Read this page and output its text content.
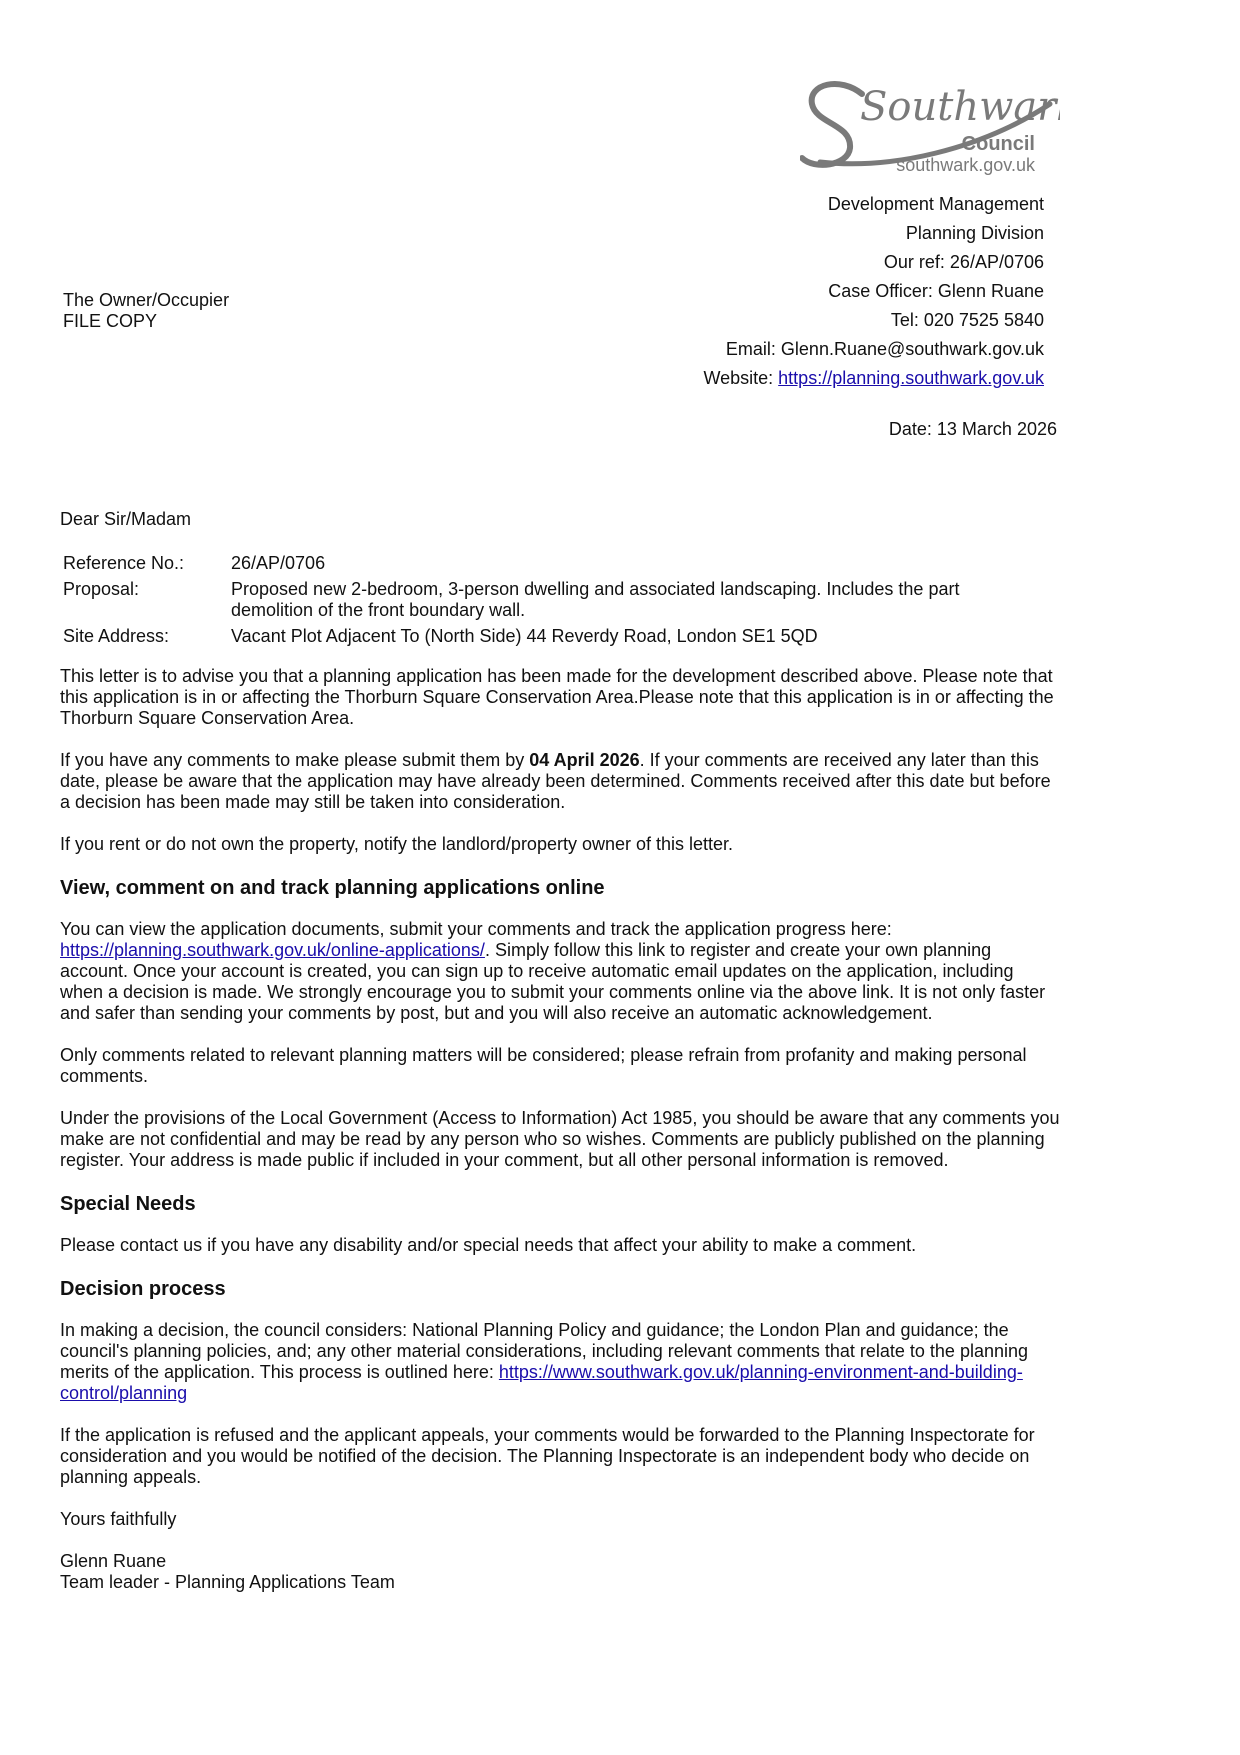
Southwark
Council
southwark.gov.uk
Development Management
Planning Division
Our ref: 26/AP/0706
Case Officer: Glenn Ruane
Tel: 020 7525 5840
Email: Glenn.Ruane@southwark.gov.uk
Website: https://planning.southwark.gov.uk
Date: 13 March 2026
The Owner/Occupier
FILE COPY

Dear Sir/Madam

Reference No.:	26/AP/0706
Proposal:	Proposed new 2-bedroom, 3-person dwelling and associated landscaping. Includes the part demolition of the front boundary wall.
Site Address:	Vacant Plot Adjacent To (North Side) 44 Reverdy Road, London SE1 5QD

This letter is to advise you that a planning application has been made for the development described above. Please note that this application is in or affecting the Thorburn Square Conservation Area.Please note that this application is in or affecting the Thorburn Square Conservation Area.

If you have any comments to make please submit them by 04 April 2026. If your comments are received any later than this date, please be aware that the application may have already been determined. Comments received after this date but before a decision has been made may still be taken into consideration.

If you rent or do not own the property, notify the landlord/property owner of this letter.

View, comment on and track planning applications online

You can view the application documents, submit your comments and track the application progress here: https://planning.southwark.gov.uk/online-applications/. Simply follow this link to register and create your own planning account. Once your account is created, you can sign up to receive automatic email updates on the application, including when a decision is made. We strongly encourage you to submit your comments online via the above link. It is not only faster and safer than sending your comments by post, but and you will also receive an automatic acknowledgement.

Only comments related to relevant planning matters will be considered; please refrain from profanity and making personal comments.

Under the provisions of the Local Government (Access to Information) Act 1985, you should be aware that any comments you make are not confidential and may be read by any person who so wishes. Comments are publicly published on the planning register. Your address is made public if included in your comment, but all other personal information is removed.

Special Needs

Please contact us if you have any disability and/or special needs that affect your ability to make a comment.

Decision process

In making a decision, the council considers: National Planning Policy and guidance; the London Plan and guidance; the council's planning policies, and; any other material considerations, including relevant comments that relate to the planning merits of the application. This process is outlined here: https://www.southwark.gov.uk/planning-environment-and-building-control/planning

If the application is refused and the applicant appeals, your comments would be forwarded to the Planning Inspectorate for consideration and you would be notified of the decision. The Planning Inspectorate is an independent body who decide on planning appeals.

Yours faithfully

Glenn Ruane

Team leader - Planning Applications Team
